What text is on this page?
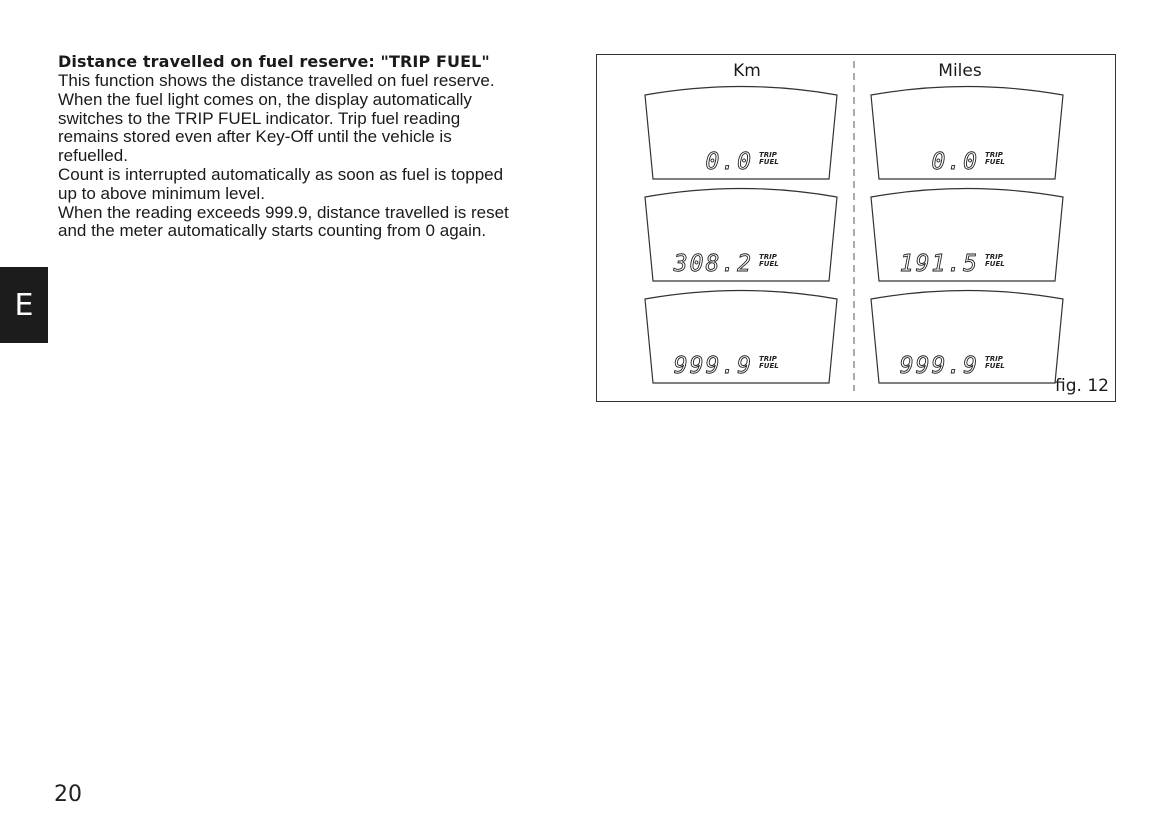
Distance travelled on fuel reserve: "TRIP FUEL"
This function shows the distance travelled on fuel reserve.
When the fuel light comes on, the display automatically
switches to the TRIP FUEL indicator. Trip fuel reading
remains stored even after Key-Off until the vehicle is
refuelled.
Count is interrupted automatically as soon as fuel is topped
up to above minimum level.
When the reading exceeds 999.9, distance travelled is reset
and the meter automatically starts counting from 0 again.
E
20
0.0 TRIP
FUEL	0.0 TRIP
FUEL
308.2 TRIP
FUEL	191.5 TRIP
FUEL
999.9 TRIP
FUEL	999.9 TRIP
FUEL
Km	Miles
fig. 12
